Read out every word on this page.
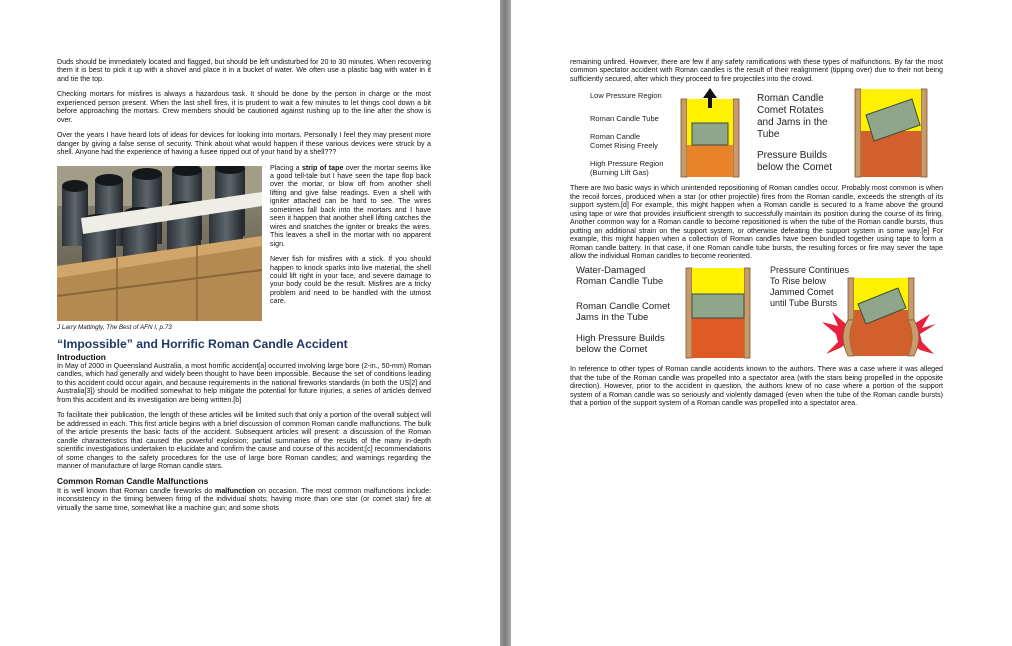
Duds should be immediately located and flagged, but should be left undisturbed for 20 to 30 minutes. When recovering them it is best to pick it up with a shovel and place it in a bucket of water. We often use a plastic bag with water in it and tie the top.

Checking mortars for misfires is always a hazardous task. It should be done by the person in charge or the most experienced person present. When the last shell fires, it is prudent to wait a few minutes to let things cool down a bit before approaching the mortars. Crew members should be cautioned against rushing up to the line after the show is over.

Over the years I have heard lots of ideas for devices for looking into mortars. Personally I feel they may present more danger by giving a false sense of security. Think about what would happen if these various devices were struck by a shell. Anyone had the experience of having a fusee ripped out of your hand by a shell???

Placing a strip of tape over the mortar seems like a good tell-tale but I have seen the tape flop back over the mortar, or blow off from another shell lifting and give false readings. Even a shell with igniter attached can be hard to see. The wires sometimes fall back into the mortars and I have seen it happen that another shell lifting catches the wires and snatches the igniter or breaks the wires. This leaves a shell in the mortar with no apparent sign.

Never fish for misfires with a stick. If you should happen to knock sparks into live material, the shell could lift right in your face, and severe damage to your body could be the result. Misfires are a tricky problem and need to be handled with the utmost care.

J Larry Mattingly, The Best of AFN I, p.73
“Impossible” and Horrific Roman Candle Accident
Introduction

In May of 2000 in Queensland Australia, a most horrific accident[a] occurred involving large bore (2-in., 50-mm) Roman candles, which had generally and widely been thought to have been impossible. Because the set of conditions leading to this accident could occur again, and because requirements in the national fireworks standards (in both the US[2] and Australia[3]) should be modified somewhat to help mitigate the potential for future injuries, a series of articles derived from this accident and its investigation are being written.[b]

To facilitate their publication, the length of these articles will be limited such that only a portion of the overall subject will be addressed in each. This first article begins with a brief discussion of common Roman candle malfunctions. The bulk of the article presents the basic facts of the accident. Subsequent articles will present: a discussion of the Roman candle characteristics that caused the powerful explosion; partial summaries of the results of the many in-depth scientific investigations undertaken to elucidate and confirm the cause and course of this accident;[c] recommendations of some changes to the safety procedures for the use of large bore Roman candles; and warnings regarding the manner of manufacture of large Roman candle stars.

Common Roman Candle Malfunctions

It is well known that Roman candle fireworks do malfunction on occasion. The most common malfunctions include: inconsistency in the timing between firing of the individual shots; having more than one star (or comet star) fire at virtually the same time, somewhat like a machine gun; and some shots

remaining unfired. However, there are few if any safety ramifications with these types of malfunctions. By far the most common spectator accident with Roman candles is the result of their realignment (tipping over) due to their not being sufficiently secured, after which they proceed to fire projectiles into the crowd.

Low Pressure Region
Roman Candle Tube
Roman Candle
Comet Rising Freely
High Pressure Region
(Burning Lift Gas)
Roman Candle
Comet Rotates
and Jams in the
Tube
Pressure Builds
below the Comet

There are two basic ways in which unintended repositioning of Roman candles occur. Probably most common is when the recoil forces, produced when a star (or other projectile) fires from the Roman candle, exceeds the strength of its support system.[d] For example, this might happen when a Roman candle is secured to a frame above the ground using tape or wire that provides insufficient strength to successfully maintain its position during the course of its firing. Another common way for a Roman candle to become repositioned is when the tube of the Roman candle bursts, thus putting an additional strain on the support system, or otherwise defeating the support system in some way.[e] For example, this might happen when a collection of Roman candles have been bundled together using tape to form a Roman candle battery. In that case, if one Roman candle tube bursts, the resulting forces or fire may sever the tape allow the individual Roman candles to become reoriented.

Water-Damaged
Roman Candle Tube
Roman Candle Comet
Jams in the Tube
High Pressure Builds
below the Comet
Pressure Continues
To Rise below
Jammed Comet
until Tube Bursts

In reference to other types of Roman candle accidents known to the authors. There was a case where it was alleged that the tube of the Roman candle was propelled into a spectator area (with the stars being propelled in the opposite direction). However, prior to the accident in question, the authors knew of no case where a portion of the support system of a Roman candle was so seriously and violently damaged (even when the tube of the Roman candle bursts) that a portion of the support system of a Roman candle was propelled into a spectator area.
